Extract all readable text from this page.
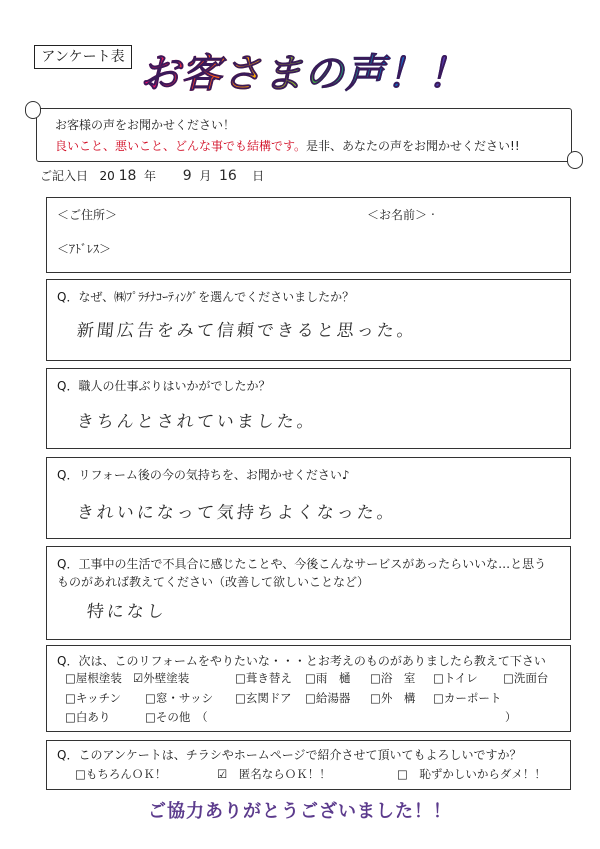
アンケート表 お客さまの声！！
お客様の声をお聞かせください！
良いこと、悪いこと、どんな事でも結構です。是非、あなたの声をお聞かせください!!
ご記入日 20 18 年 9 月 16 日
＜ご住所＞	＜お名前＞ .
＜ｱﾄﾞﾚｽ＞
Q．なぜ、㈱ﾌﾟﾗﾁﾅｺｰﾃｨﾝｸﾞを選んでくださいましたか？
新聞広告をみて信頼できると思った。
Q．職人の仕事ぶりはいかがでしたか？
きちんとされていました。
Q．リフォーム後の今の気持ちを、お聞かせください♪
きれいになって気持ちよくなった。
Q．工事中の生活で不具合に感じたことや、今後こんなサービスがあったらいいな…と思う
ものがあれば教えてください（改善して欲しいことなど）
特になし
Q．次は、このリフォームをやりたいな・・・とお考えのものがありましたら教えて下さい
□屋根塗装 ☑外壁塗装	□葺き替え □雨　樋 □浴　室 □トイレ □洗面台
□キッチン □窓・サッシ □玄関ドア □給湯器 □外　構 □カーポート
□白あり	□その他　（	）
Q．このアンケートは、チラシやホームページで紹介させて頂いてもよろしいですか？
□もちろんＯＫ！	☑　匿名ならＯＫ！！	□　恥ずかしいからダメ！！
ご協力ありがとうございました！！
